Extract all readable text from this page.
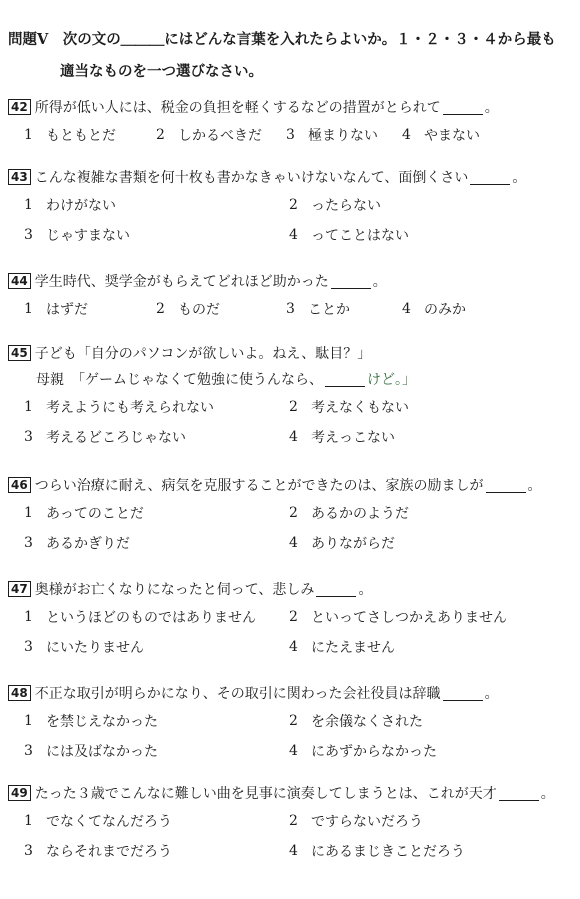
問題Ⅴ　次の文の＿＿＿にはどんな言葉を入れたらよいか。１・２・３・４から最も
適当なものを一つ選びなさい。
42 所得が低い人には、税金の負担を軽くするなどの措置がとられて	。
1 もともとだ	2 しかるべきだ 3 極まりない 4 やまない
43 こんな複雑な書類を何十枚も書かなきゃいけないなんて、面倒くさい	。
1 わけがない	2 ったらない
3 じゃすまない	4 ってことはない
44 学生時代、奨学金がもらえてどれほど助かった	。
1 はずだ	2 ものだ	3 ことか	4 のみか
45 子ども「自分のパソコンが欲しいよ。ねえ、駄目？」
母親　「ゲームじゃなくて勉強に使うんなら、	けど。」
1 考えようにも考えられない	2 考えなくもない
3 考えるどころじゃない	4 考えっこない
46 つらい治療に耐え、病気を克服することができたのは、家族の励ましが	。
1 あってのことだ	2 あるかのようだ
3 あるかぎりだ	4 ありながらだ
47 奥様がお亡くなりになったと伺って、悲しみ	。
1 というほどのものではありません 2 といってさしつかえありません
3 にいたりません	4 にたえません
48 不正な取引が明らかになり、その取引に関わった会社役員は辞職	。
1 を禁じえなかった	2 を余儀なくされた
3 には及ばなかった	4 にあずからなかった
49 たった３歳でこんなに難しい曲を見事に演奏してしまうとは、これが天才	。
1 でなくてなんだろう	2 ですらないだろう
3 ならそれまでだろう	4 にあるまじきことだろう
